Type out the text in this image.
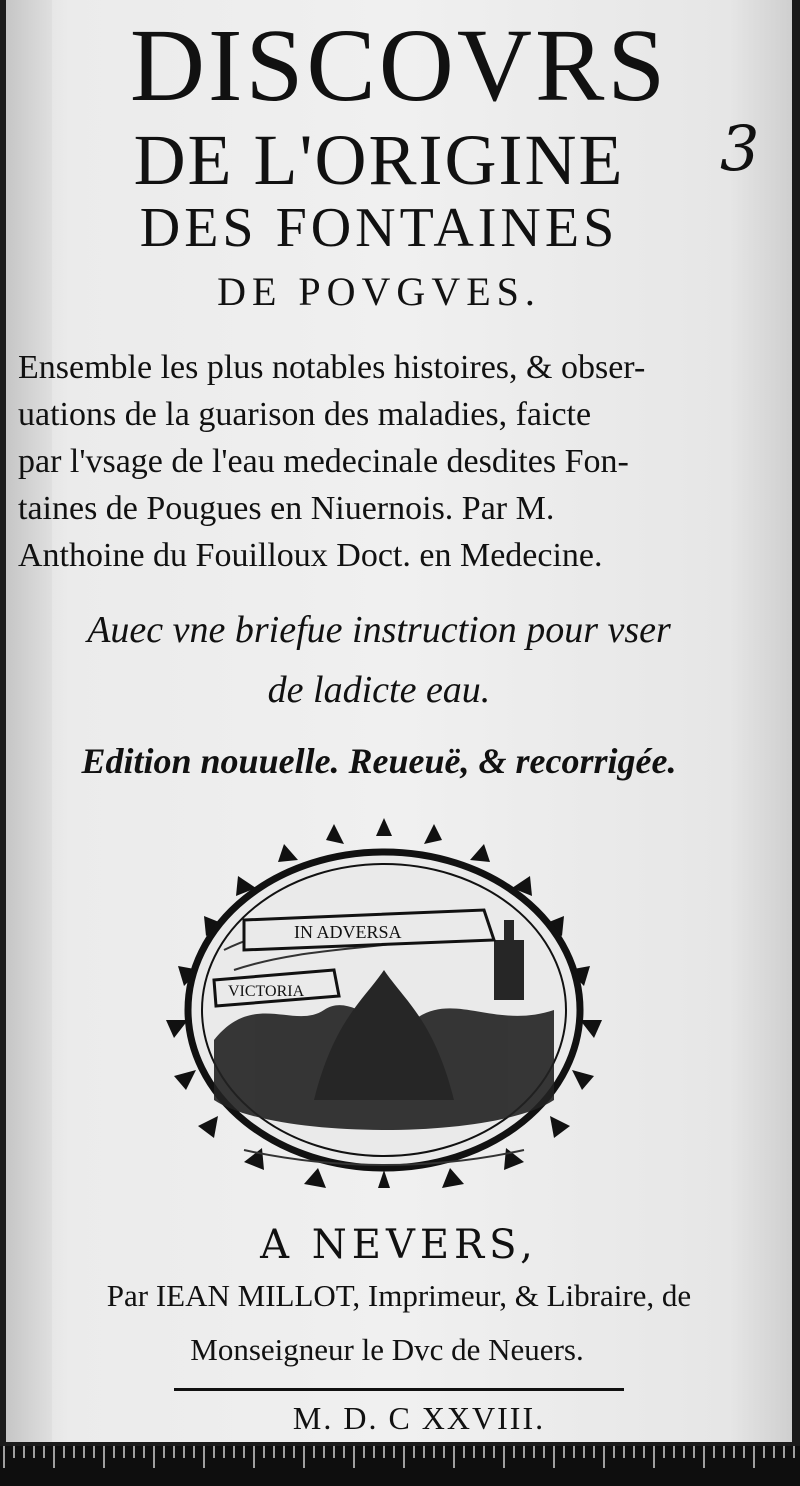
DISCOVRS
DE L'ORIGINE	3
DES FONTAINES
DE POVGVES.
Ensemble les plus notables histoires, & obser-
uations de la guarison des maladies, faicte
par l'vsage de l'eau medecinale desdites Fon-
taines de Pougues en Niuernois. Par M.
Anthoine du Fouilloux Doct. en Medecine.
Auec vne briefue instruction pour vser
de ladicte eau.
Edition nouuelle. Reueuë, & recorrigée.
IN ADVERSA
VICTORIA
A NEVERS,
Par IEAN MILLOT, Imprimeur, & Libraire, de
Monseigneur le Dvc de Neuers.
M. D. C XXVIII.
